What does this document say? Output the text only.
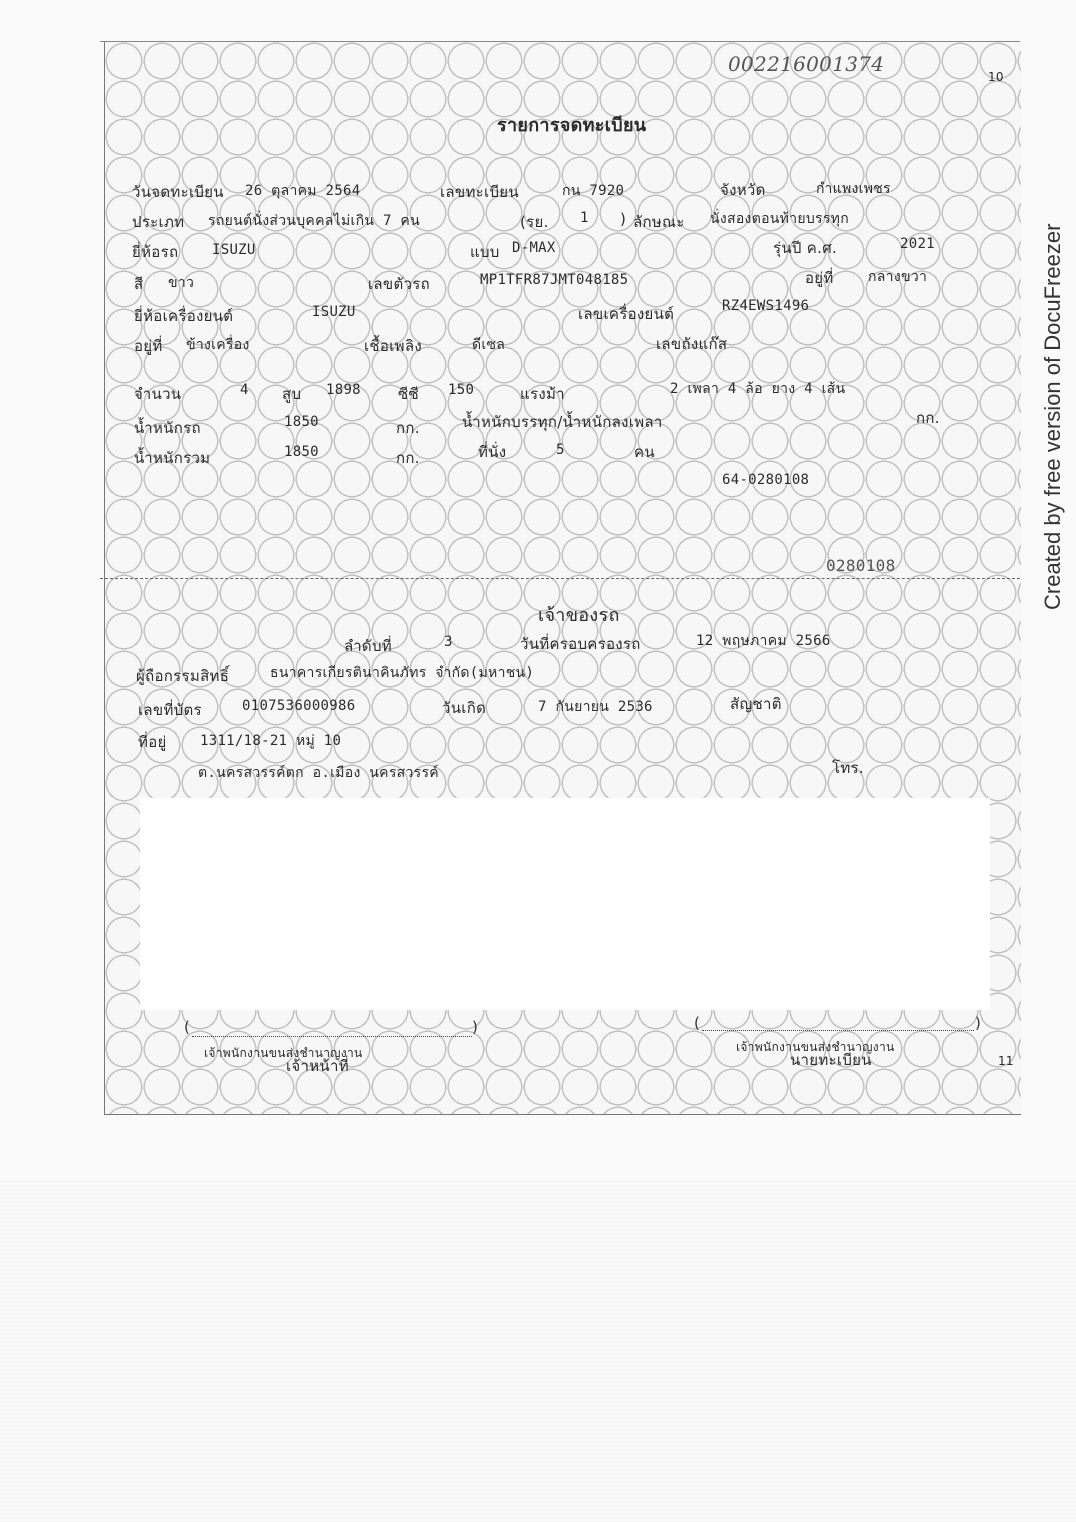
002216001374
10
รายการจดทะเบียน
วันจดทะเบียน 26 ตุลาคม 2564	เลขทะเบียน	กน 7920	จังหวัด	กำแพงเพชร
ประเภท รถยนต์นั่งส่วนบุคคลไม่เกิน 7 คน	(รย. 1 ) ลักษณะ นั่งสองตอนท้ายบรรทุก
ยี่ห้อรถ ISUZU	แบบ D-MAX	รุ่นปี ค.ศ.	2021
สี ขาว	เลขตัวรถ	MP1TFR87JMT048185	อยู่ที่ กลางขวา
ยี่ห้อเครื่องยนต์	ISUZU	เลขเครื่องยนต์	RZ4EWS1496
อยู่ที่ ข้างเครื่อง	เชื้อเพลิง	ดีเซล	เลขถังแก๊ส
จำนวน	4 สูบ 1898 ซีซี 150	แรงม้า	2 เพลา 4 ล้อ ยาง 4 เส้น
น้ำหนักรถ	1850	กก.	น้ำหนักบรรทุก/น้ำหนักลงเพลา	กก.
น้ำหนักรวม	1850	กก.	ที่นั่ง	5	คน
64-0280108
0280108
เจ้าของรถ
ลำดับที่	3	วันที่ครอบครองรถ	12 พฤษภาคม 2566
ผู้ถือกรรมสิทธิ์	ธนาคารเกียรตินาคินภัทร จำกัด(มหาชน)
เลขที่บัตร	0107536000986	วันเกิด	7 กันยายน 2536	สัญชาติ
ที่อยู่ 1311/18-21 หมู่ 10
ต.นครสวรรค์ตก อ.เมือง นครสวรรค์	โทร.
(	)
เจ้าพนักงานขนส่งชำนาญงาน
เจ้าหน้าที่
(	)
เจ้าพนักงานขนส่งชำนาญงาน
นายทะเบียน	11
Created by free version of DocuFreezer
